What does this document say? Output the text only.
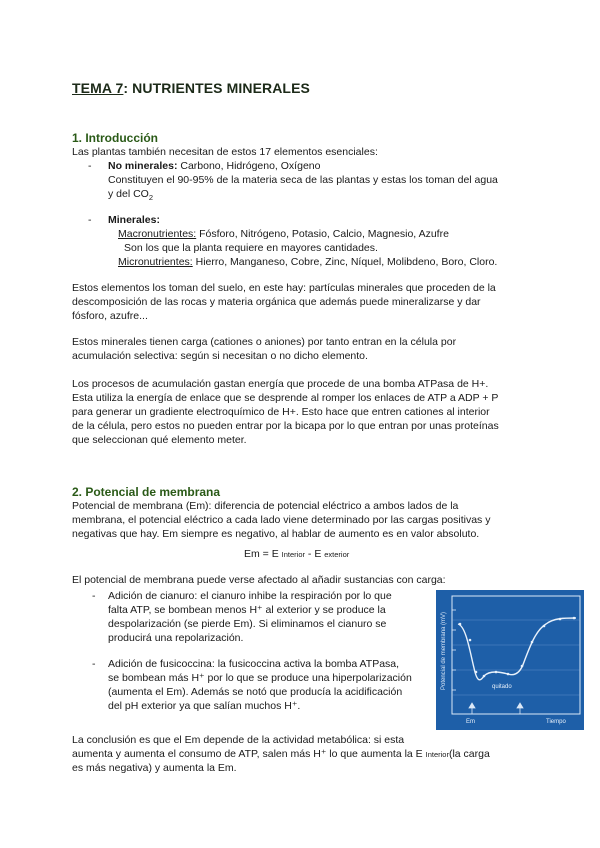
TEMA 7: NUTRIENTES MINERALES
1. Introducción
Las plantas también necesitan de estos 17 elementos esenciales:
- No minerales: Carbono, Hidrógeno, Oxígeno
Constituyen el 90-95% de la materia seca de las plantas y estas los toman del agua
y del $CO_2$
- Minerales:
Macronutrientes: Fósforo, Nitrógeno, Potasio, Calcio, Magnesio, Azufre
Son los que la planta requiere en mayores cantidades.
Micronutrientes: Hierro, Manganeso, Cobre, Zinc, Níquel, Molibdeno, Boro, Cloro.
Estos elementos los toman del suelo, en este hay: partículas minerales que proceden de la
descomposición de las rocas y materia orgánica que además puede mineralizarse y dar
fósforo, azufre...
Estos minerales tienen carga (cationes o aniones) por tanto entran en la célula por
acumulación selectiva: según si necesitan o no dicho elemento.
Los procesos de acumulación gastan energía que procede de una bomba ATPasa de H+.
Esta utiliza la energía de enlace que se desprende al romper los enlaces de ATP a ADP + P
para generar un gradiente electroquímico de H+. Esto hace que entren cationes al interior
de la célula, pero estos no pueden entrar por la bicapa por lo que entran por unas proteínas
que seleccionan qué elemento meter.
2. Potencial de membrana
Potencial de membrana (Em): diferencia de potencial eléctrico a ambos lados de la
membrana, el potencial eléctrico a cada lado viene determinado por las cargas positivas y
negativas que hay. Em siempre es negativo, al hablar de aumento es en valor absoluto.
Em = E Interior - E exterior
El potencial de membrana puede verse afectado al añadir sustancias con carga:
- Adición de cianuro: el cianuro inhibe la respiración por lo que
falta ATP, se bombean menos H⁺ al exterior y se produce la
despolarización (se pierde Em). Si eliminamos el cianuro se
producirá una repolarización.
- Adición de fusicoccina: la fusicoccina activa la bomba ATPasa,
se bombean más H⁺ por lo que se produce una hiperpolarización
(aumenta el Em). Además se notó que producía la acidificación
del pH exterior ya que salían muchos H⁺.
La conclusión es que el Em depende de la actividad metabólica: si esta
aumenta y aumenta el consumo de ATP, salen más H⁺ lo que aumenta la E Interior(la carga
es más negativa) y aumenta la Em.
Potencial de membrana (mV)	quitado
Em	Tiempo
